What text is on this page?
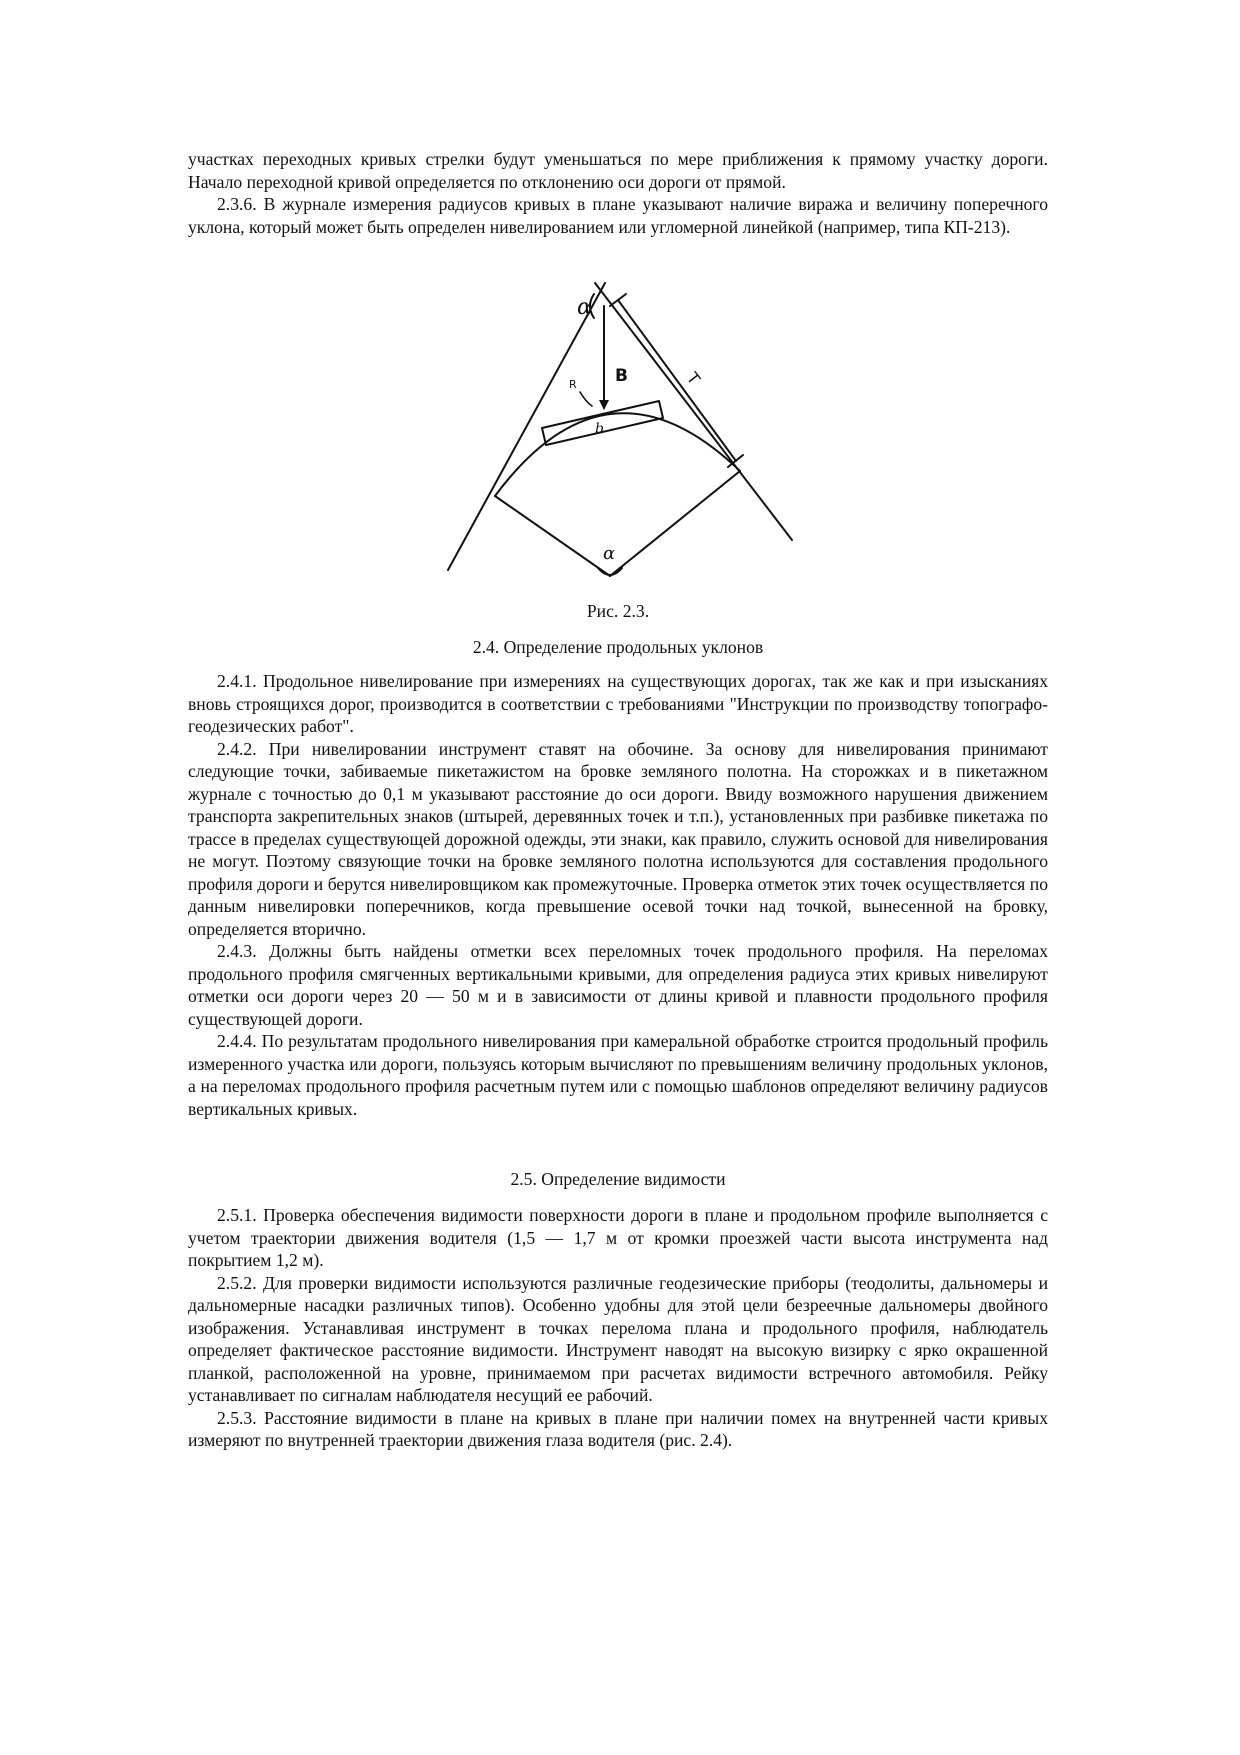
участках переходных кривых стрелки будут уменьшаться по мере приближения к прямому участку дороги. Начало переходной кривой определяется по отклонению оси дороги от прямой.

2.3.6. В журнале измерения радиусов кривых в плане указывают наличие виража и величину поперечного уклона, который может быть определен нивелированием или угломерной линейкой (например, типа КП-213).

α
B	T
R
b
α
Рис. 2.3.
2.4. Определение продольных уклонов

2.4.1. Продольное нивелирование при измерениях на существующих дорогах, так же как и при изысканиях вновь строящихся дорог, производится в соответствии с требованиями "Инструкции по производству топографо-геодезических работ".

2.4.2. При нивелировании инструмент ставят на обочине. За основу для нивелирования принимают следующие точки, забиваемые пикетажистом на бровке земляного полотна. На сторожках и в пикетажном журнале с точностью до 0,1 м указывают расстояние до оси дороги. Ввиду возможного нарушения движением транспорта закрепительных знаков (штырей, деревянных точек и т.п.), установленных при разбивке пикетажа по трассе в пределах существующей дорожной одежды, эти знаки, как правило, служить основой для нивелирования не могут. Поэтому связующие точки на бровке земляного полотна используются для составления продольного профиля дороги и берутся нивелировщиком как промежуточные. Проверка отметок этих точек осуществляется по данным нивелировки поперечников, когда превышение осевой точки над точкой, вынесенной на бровку, определяется вторично.

2.4.3. Должны быть найдены отметки всех переломных точек продольного профиля. На переломах продольного профиля смягченных вертикальными кривыми, для определения радиуса этих кривых нивелируют отметки оси дороги через 20 — 50 м и в зависимости от длины кривой и плавности продольного профиля существующей дороги.

2.4.4. По результатам продольного нивелирования при камеральной обработке строится продольный профиль измеренного участка или дороги, пользуясь которым вычисляют по превышениям величину продольных уклонов, а на переломах продольного профиля расчетным путем или с помощью шаблонов определяют величину радиусов вертикальных кривых.

2.5. Определение видимости

2.5.1. Проверка обеспечения видимости поверхности дороги в плане и продольном профиле выполняется с учетом траектории движения водителя (1,5 — 1,7 м от кромки проезжей части высота инструмента над покрытием 1,2 м).

2.5.2. Для проверки видимости используются различные геодезические приборы (теодолиты, дальномеры и дальномерные насадки различных типов). Особенно удобны для этой цели безреечные дальномеры двойного изображения. Устанавливая инструмент в точках перелома плана и продольного профиля, наблюдатель определяет фактическое расстояние видимости. Инструмент наводят на высокую визирку с ярко окрашенной планкой, расположенной на уровне, принимаемом при расчетах видимости встречного автомобиля. Рейку устанавливает по сигналам наблюдателя несущий ее рабочий.

2.5.3. Расстояние видимости в плане на кривых в плане при наличии помех на внутренней части кривых измеряют по внутренней траектории движения глаза водителя (рис. 2.4).
